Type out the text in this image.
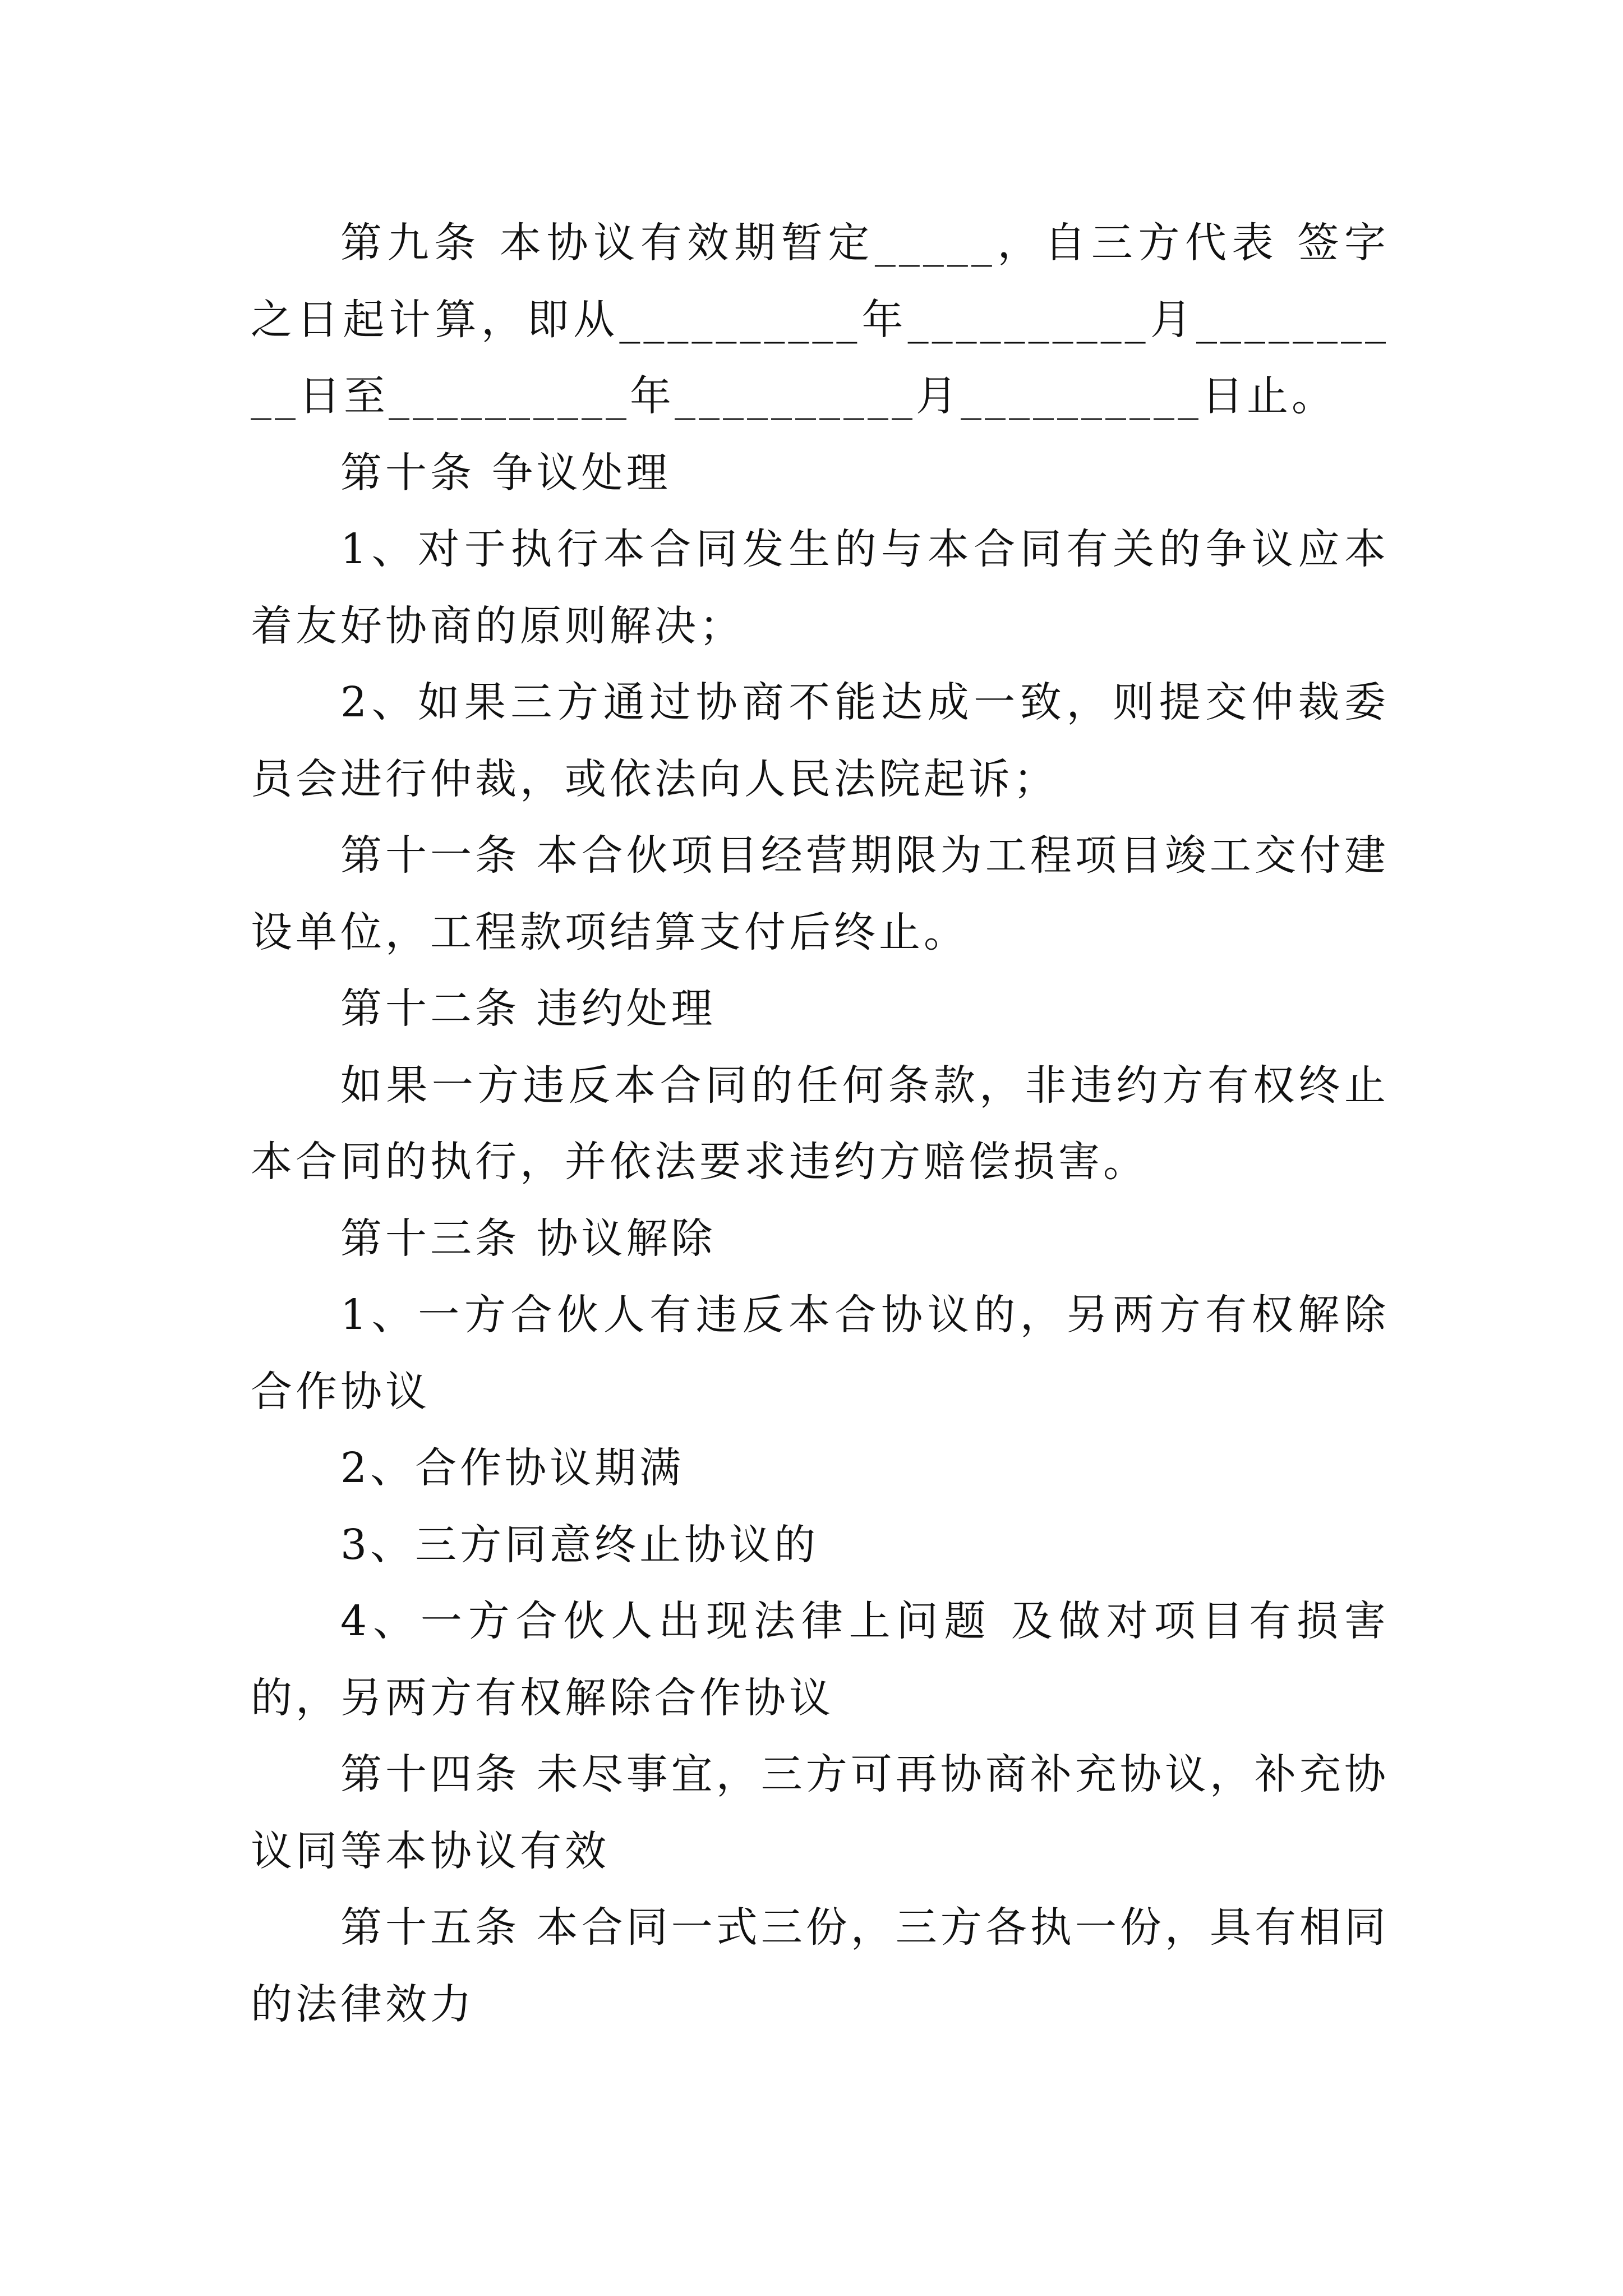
第九条 本协议有效期暂定_____，自三方代表 签字之日起计算，即从__________年__________月__________日至__________年__________月__________日止。

第十条 争议处理

1、对于执行本合同发生的与本合同有关的争议应本着友好协商的原则解决；

2、如果三方通过协商不能达成一致，则提交仲裁委员会进行仲裁，或依法向人民法院起诉；

第十一条 本合伙项目经营期限为工程项目竣工交付建设单位，工程款项结算支付后终止。

第十二条 违约处理

如果一方违反本合同的任何条款，非违约方有权终止本合同的执行，并依法要求违约方赔偿损害。

第十三条 协议解除

1、一方合伙人有违反本合协议的，另两方有权解除合作协议

2、合作协议期满

3、三方同意终止协议的

4、一方合伙人出现法律上问题 及做对项目有损害的，另两方有权解除合作协议

第十四条 未尽事宜，三方可再协商补充协议，补充协议同等本协议有效

第十五条 本合同一式三份，三方各执一份，具有相同的法律效力
